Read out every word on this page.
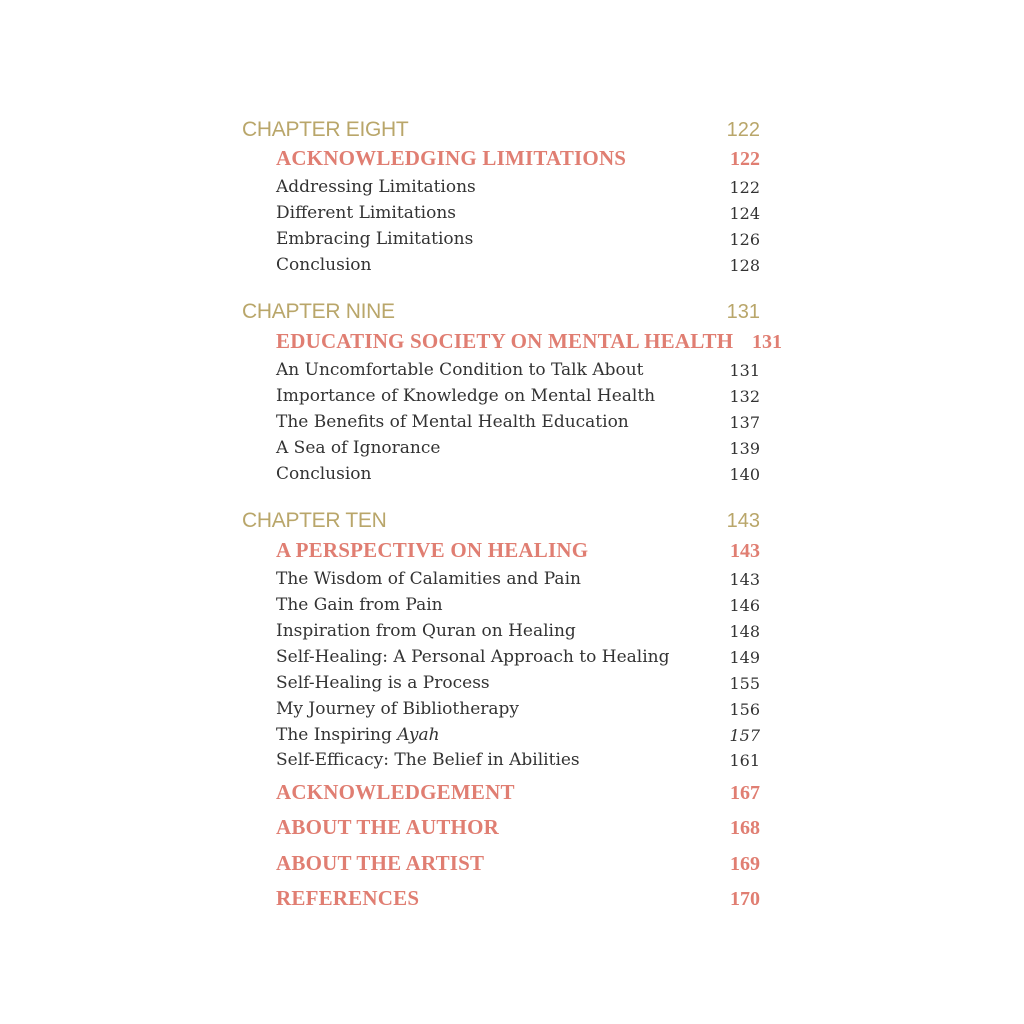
CHAPTER EIGHT	122
ACKNOWLEDGING LIMITATIONS	122
Addressing Limitations	122
Different Limitations	124
Embracing Limitations	126
Conclusion	128
CHAPTER NINE	131
EDUCATING SOCIETY ON MENTAL HEALTH 131
An Uncomfortable Condition to Talk About	131
Importance of Knowledge on Mental Health	132
The Benefits of Mental Health Education	137
A Sea of Ignorance	139
Conclusion	140
CHAPTER TEN	143
A PERSPECTIVE ON HEALING	143
The Wisdom of Calamities and Pain	143
The Gain from Pain	146
Inspiration from Quran on Healing	148
Self-Healing: A Personal Approach to Healing	149
Self-Healing is a Process	155
My Journey of Bibliotherapy	156
The Inspiring Ayah	157
Self-Efficacy: The Belief in Abilities	161
ACKNOWLEDGEMENT	167
ABOUT THE AUTHOR	168
ABOUT THE ARTIST	169
REFERENCES	170
